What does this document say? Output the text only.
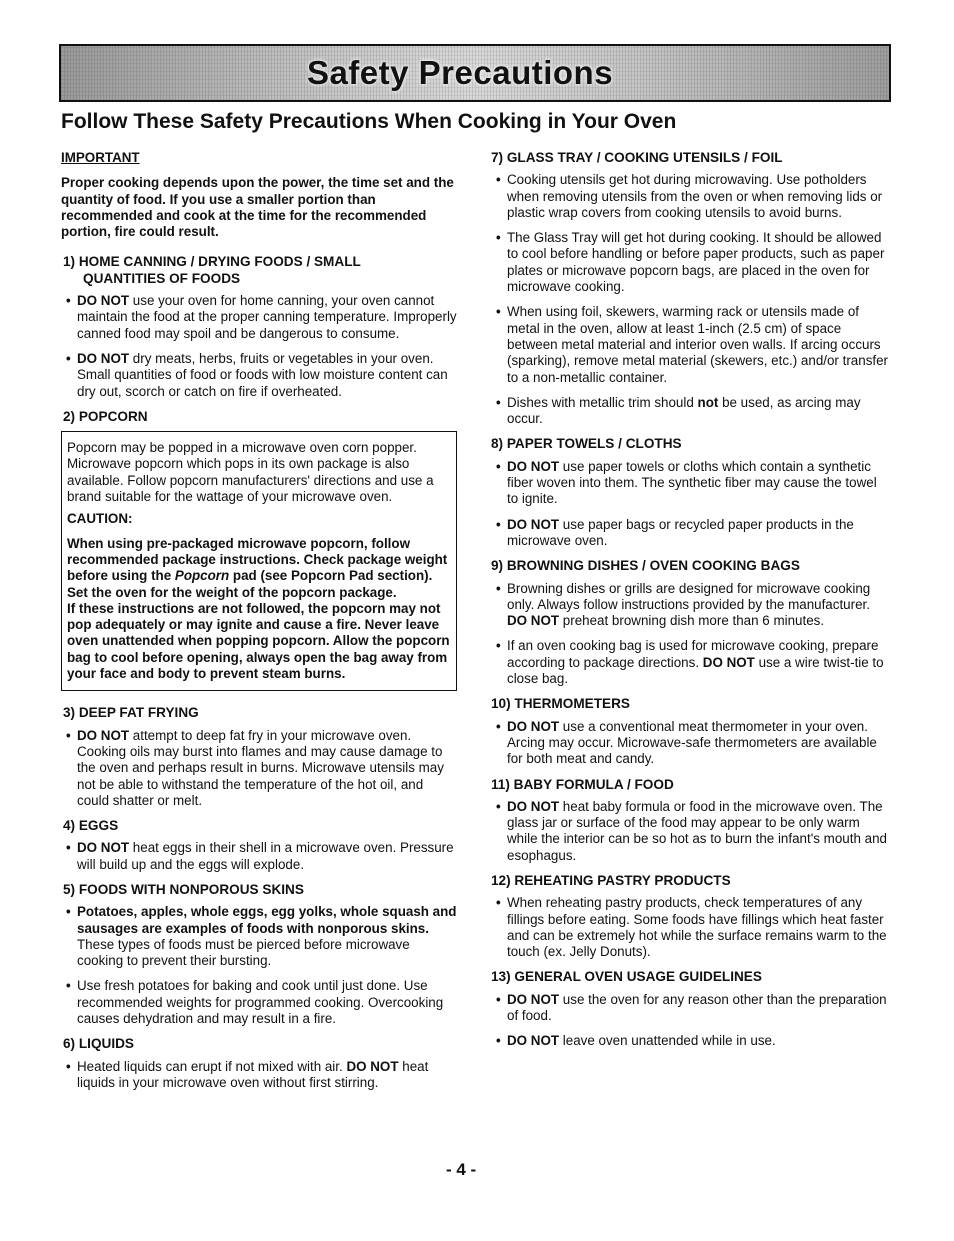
Safety Precautions
Follow These Safety Precautions When Cooking in Your Oven
IMPORTANT
Proper cooking depends upon the power, the time set and the quantity of food. If you use a smaller portion than recommended and cook at the time for the recommended portion, fire could result.
1) HOME CANNING / DRYING FOODS / SMALL
QUANTITIES OF FOODS
• DO NOT use your oven for home canning, your oven cannot maintain the food at the proper canning temperature. Improperly canned food may spoil and be dangerous to consume.
• DO NOT dry meats, herbs, fruits or vegetables in your oven. Small quantities of food or foods with low moisture content can dry out, scorch or catch on fire if overheated.
2) POPCORN

Popcorn may be popped in a microwave oven corn popper. Microwave popcorn which pops in its own package is also available. Follow popcorn manufacturers' directions and use a brand suitable for the wattage of your microwave oven.

CAUTION:
When using pre-packaged microwave popcorn, follow recommended package instructions. Check package weight before using the Popcorn pad (see Popcorn Pad section). Set the oven for the weight of the popcorn package.
If these instructions are not followed, the popcorn may not pop adequately or may ignite and cause a fire. Never leave oven unattended when popping popcorn. Allow the popcorn bag to cool before opening, always open the bag away from your face and body to prevent steam burns.
3) DEEP FAT FRYING
• DO NOT attempt to deep fat fry in your microwave oven. Cooking oils may burst into flames and may cause damage to the oven and perhaps result in burns. Microwave utensils may not be able to withstand the temperature of the hot oil, and could shatter or melt.
4) EGGS
• DO NOT heat eggs in their shell in a microwave oven. Pressure will build up and the eggs will explode.
5) FOODS WITH NONPOROUS SKINS
• Potatoes, apples, whole eggs, egg yolks, whole squash and sausages are examples of foods with nonporous skins. These types of foods must be pierced before microwave cooking to prevent their bursting.
• Use fresh potatoes for baking and cook until just done. Use recommended weights for programmed cooking. Overcooking causes dehydration and may result in a fire.
6) LIQUIDS
• Heated liquids can erupt if not mixed with air. DO NOT heat liquids in your microwave oven without first stirring.
7) GLASS TRAY / COOKING UTENSILS / FOIL
• Cooking utensils get hot during microwaving. Use potholders when removing utensils from the oven or when removing lids or plastic wrap covers from cooking utensils to avoid burns.
• The Glass Tray will get hot during cooking. It should be allowed to cool before handling or before paper products, such as paper plates or microwave popcorn bags, are placed in the oven for microwave cooking.
• When using foil, skewers, warming rack or utensils made of metal in the oven, allow at least 1-inch (2.5 cm) of space between metal material and interior oven walls. If arcing occurs (sparking), remove metal material (skewers, etc.) and/or transfer to a non-metallic container.
• Dishes with metallic trim should not be used, as arcing may occur.
8) PAPER TOWELS / CLOTHS
• DO NOT use paper towels or cloths which contain a synthetic fiber woven into them. The synthetic fiber may cause the towel to ignite.
• DO NOT use paper bags or recycled paper products in the microwave oven.
9) BROWNING DISHES / OVEN COOKING BAGS
• Browning dishes or grills are designed for microwave cooking only. Always follow instructions provided by the manufacturer.
DO NOT preheat browning dish more than 6 minutes.
• If an oven cooking bag is used for microwave cooking, prepare according to package directions. DO NOT use a wire twist-tie to close bag.
10) THERMOMETERS
• DO NOT use a conventional meat thermometer in your oven. Arcing may occur. Microwave-safe thermometers are available for both meat and candy.
11) BABY FORMULA / FOOD
• DO NOT heat baby formula or food in the microwave oven. The glass jar or surface of the food may appear to be only warm while the interior can be so hot as to burn the infant's mouth and esophagus.
12) REHEATING PASTRY PRODUCTS
• When reheating pastry products, check temperatures of any fillings before eating. Some foods have fillings which heat faster and can be extremely hot while the surface remains warm to the touch (ex. Jelly Donuts).
13) GENERAL OVEN USAGE GUIDELINES
• DO NOT use the oven for any reason other than the preparation of food.
• DO NOT leave oven unattended while in use.
- 4 -
